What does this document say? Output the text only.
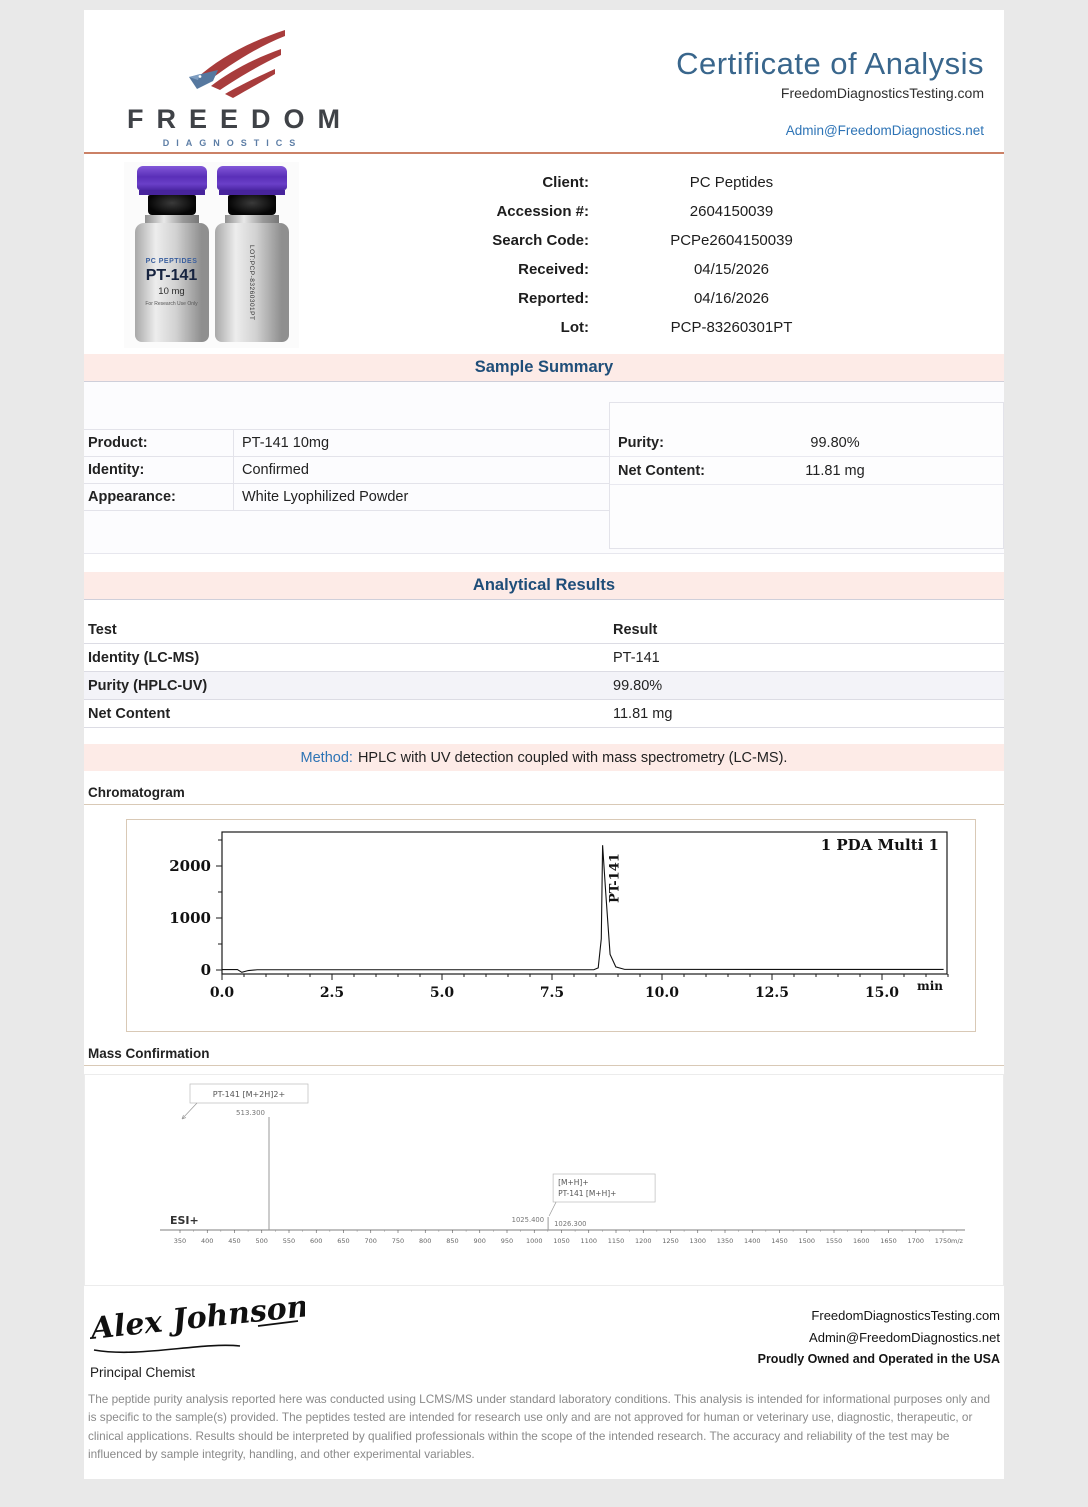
FREEDOM
DIAGNOSTICS
Certificate of Analysis
FreedomDiagnosticsTesting.com
Admin@FreedomDiagnostics.net
PC PEPTIDES
PT-141
10 mg
For Research Use Only	LOT:PCP-83260301PT
Client:	PC Peptides
Accession #:	2604150039
Search Code:	PCPe2604150039
Received:	04/15/2026
Reported:	04/16/2026
Lot:	PCP-83260301PT
Sample Summary
Product:	PT-141 10mg
Identity:	Confirmed
Appearance:	White Lyophilized Powder
Purity:	99.80%
Net Content:	11.81 mg
Analytical Results
Test	Result
Identity (LC-MS)	PT-141
Purity (HPLC-UV)	99.80%
Net Content	11.81 mg
Method: HPLC with UV detection coupled with mass spectrometry (LC-MS).
Chromatogram
0
1000
2000
0.0	2.5	5.0	7.5	10.0	12.5	15.0 min
PT-141
1 PDA Multi 1
Mass Confirmation
350 400 450 500 550 600 650 700 750 800 850 900 950 1000 1050 1100 1150 1200 1250 1300 1350 1400 1450 1500 1550 1600 1650 1700 1750 m/z
ESI+
513.300
PT-141 [M+2H]2+
1025.400 1026.300
[M+H]+
PT-141 [M+H]+
Alex Johnson
Principal Chemist
FreedomDiagnosticsTesting.com
Admin@FreedomDiagnostics.net
Proudly Owned and Operated in the USA
The peptide purity analysis reported here was conducted using LCMS/MS under standard laboratory conditions. This analysis is intended for informational purposes only and is specific to the sample(s) provided. The peptides tested are intended for research use only and are not approved for human or veterinary use, diagnostic, therapeutic, or clinical applications. Results should be interpreted by qualified professionals within the scope of the intended research. The accuracy and reliability of the test may be influenced by sample integrity, handling, and other experimental variables.
